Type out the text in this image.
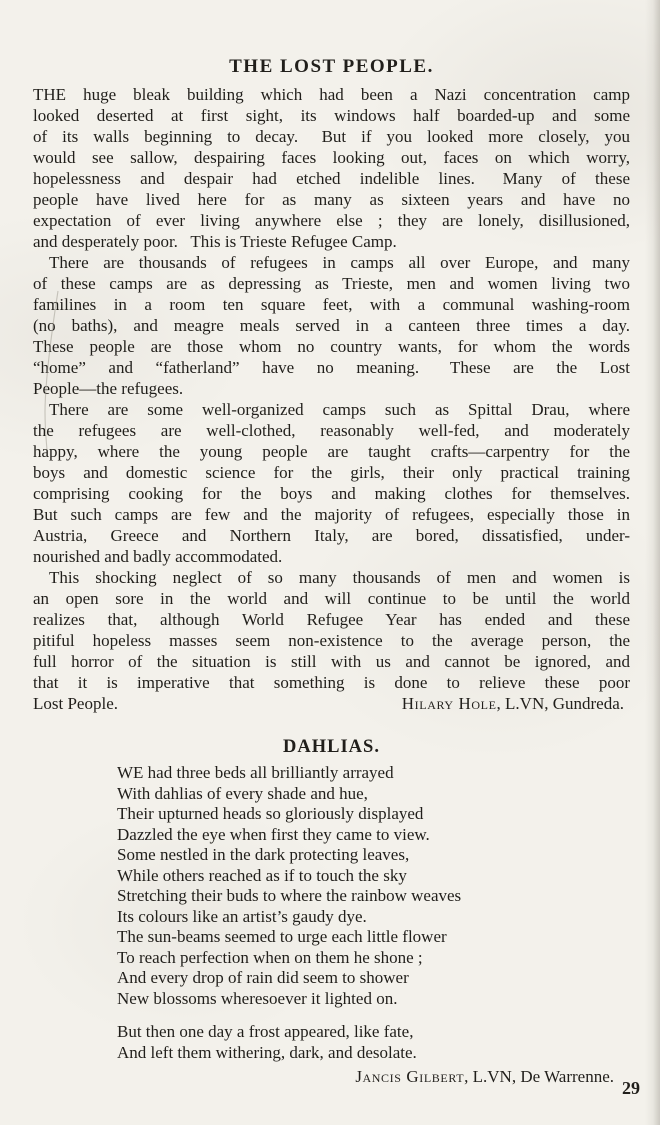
THE LOST PEOPLE.
THE huge bleak building which had been a Nazi concentration camp
looked deserted at first sight, its windows half boarded-up and some
of its walls beginning to decay.  But if you looked more closely, you
would see sallow, despairing faces looking out, faces on which worry,
hopelessness and despair had etched indelible lines.  Many of these
people have lived here for as many as sixteen years and have no
expectation of ever living anywhere else ; they are lonely, disillusioned,
and desperately poor.  This is Trieste Refugee Camp.
There are thousands of refugees in camps all over Europe, and many
of these camps are as depressing as Trieste, men and women living two
familines in a room ten square feet, with a communal washing-room
(no baths), and meagre meals served in a canteen three times a day.
These people are those whom no country wants, for whom the words
“home” and “fatherland” have no meaning.  These are the Lost
People—the refugees.
There are some well-organized camps such as Spittal Drau, where
the refugees are well-clothed, reasonably well-fed, and moderately
happy, where the young people are taught crafts—carpentry for the
boys and domestic science for the girls, their only practical training
comprising cooking for the boys and making clothes for themselves.
But such camps are few and the majority of refugees, especially those in
Austria, Greece and Northern Italy, are bored, dissatisfied, under-
nourished and badly accommodated.
This shocking neglect of so many thousands of men and women is
an open sore in the world and will continue to be until the world
realizes that, although World Refugee Year has ended and these
pitiful hopeless masses seem non-existence to the average person, the
full horror of the situation is still with us and cannot be ignored, and
that it is imperative that something is done to relieve these poor
Lost People.	Hilary Hole, L.VN, Gundreda.
DAHLIAS.
WE had three beds all brilliantly arrayed
With dahlias of every shade and hue,
Their upturned heads so gloriously displayed
Dazzled the eye when first they came to view.
Some nestled in the dark protecting leaves,
While others reached as if to touch the sky
Stretching their buds to where the rainbow weaves
Its colours like an artist’s gaudy dye.
The sun-beams seemed to urge each little flower
To reach perfection when on them he shone ;
And every drop of rain did seem to shower
New blossoms wheresoever it lighted on.
But then one day a frost appeared, like fate,
And left them withering, dark, and desolate.
Jancis Gilbert, L.VN, De Warrenne.
29
